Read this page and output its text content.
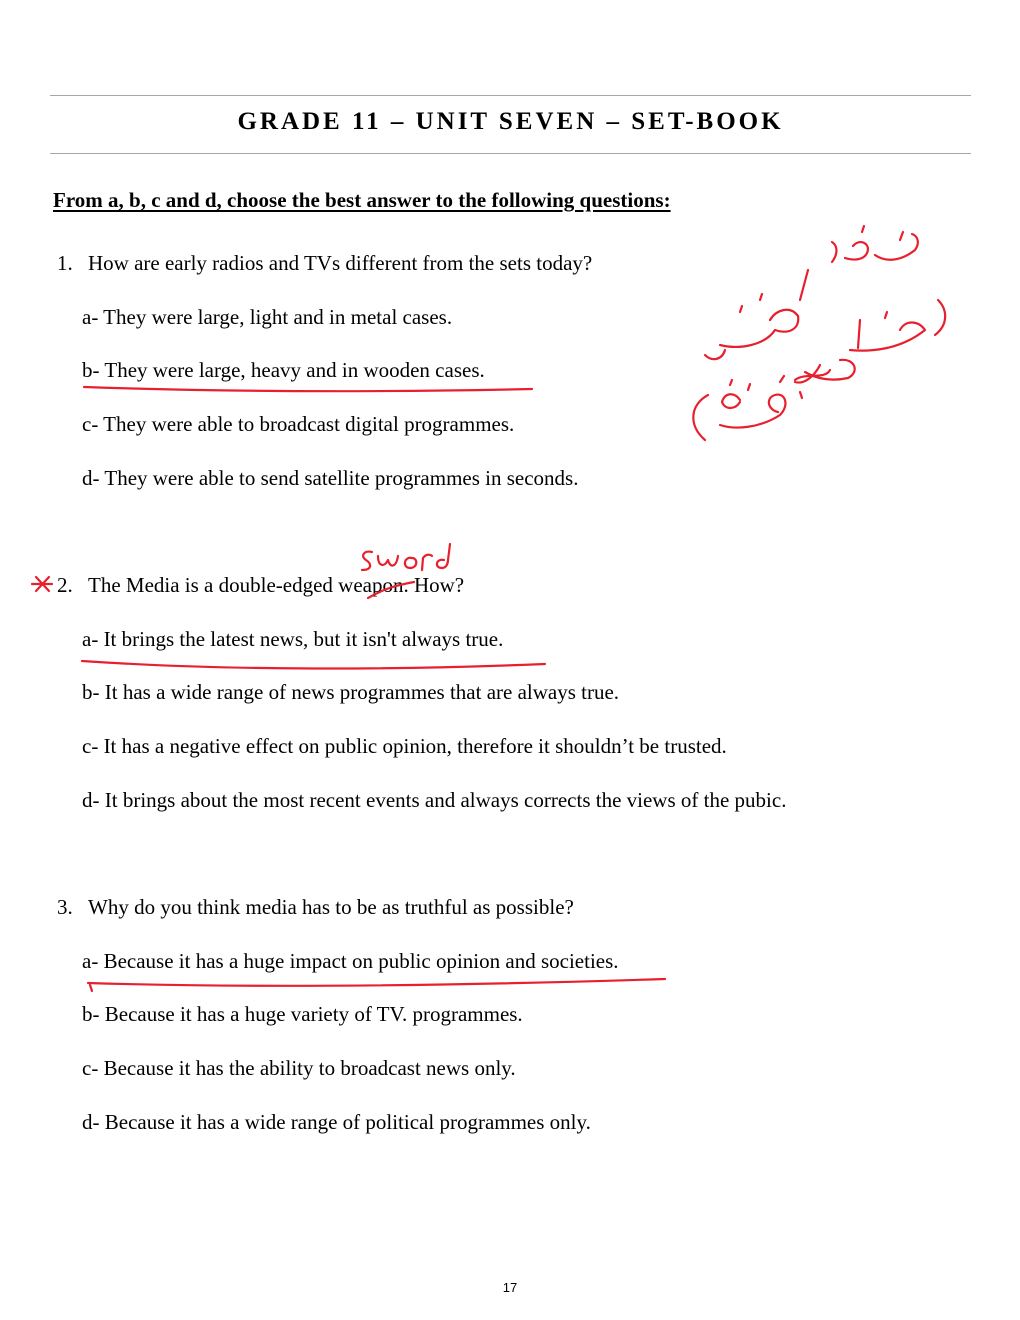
GRADE 11 – UNIT SEVEN – SET-BOOK
From a, b, c and d, choose the best answer to the following questions:
1. How are early radios and TVs different from the sets today?
a- They were large, light and in metal cases.
b- They were large, heavy and in wooden cases.
c- They were able to broadcast digital programmes.
d- They were able to send satellite programmes in seconds.
2. The Media is a double-edged weapon. How?
a- It brings the latest news, but it isn't always true.
b- It has a wide range of news programmes that are always true.
c- It has a negative effect on public opinion, therefore it shouldn’t be trusted.
d- It brings about the most recent events and always corrects the views of the pubic.
3. Why do you think media has to be as truthful as possible?
a- Because it has a huge impact on public opinion and societies.
b- Because it has a huge variety of TV. programmes.
c- Because it has the ability to broadcast news only.
d- Because it has a wide range of political programmes only.
17
